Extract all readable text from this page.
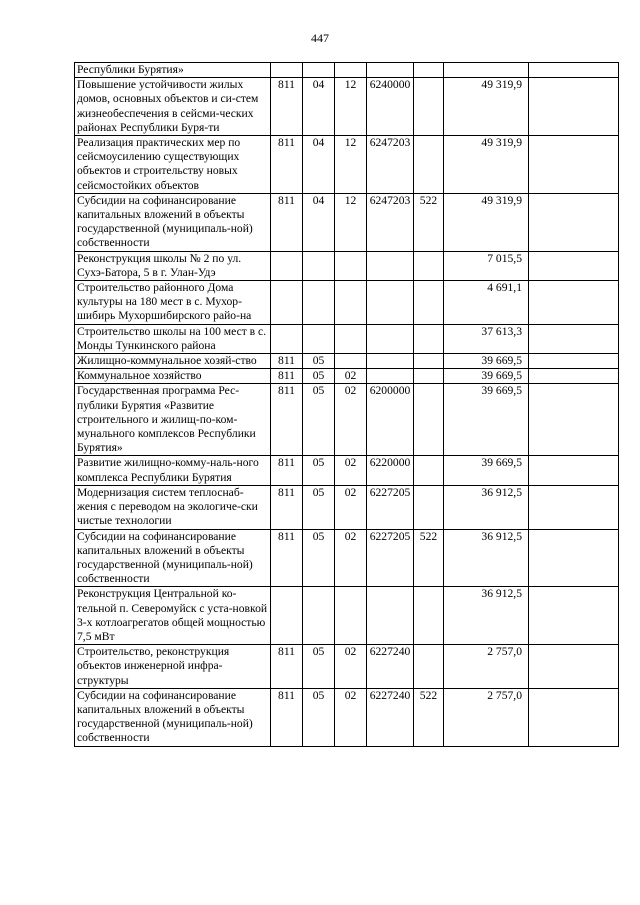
447
Республики Бурятия»							
Повышение устойчивости жилых домов, основных объектов и си-стем жизнеобеспечения в сейсми-ческих районах Республики Буря-ти	811	04	12	6240000		49 319,9	
Реализация практических мер по сейсмоусилению существующих объектов и строительству новых сейсмостойких объектов	811	04	12	6247203		49 319,9	
Субсидии на софинансирование капитальных вложений в объекты государственной (муниципаль-ной) собственности	811	04	12	6247203	522	49 319,9	
Реконструкция школы № 2 по ул. Сухэ-Батора, 5 в г. Улан-Удэ						7 015,5	
Строительство районного Дома культуры на 180 мест в с. Мухор-шибирь Мухоршибирского райо-на						4 691,1	
Строительство школы на 100 мест в с. Монды Тункинского района						37 613,3	
Жилищно-коммунальное хозяй-ство	811	05				39 669,5	
Коммунальное хозяйство	811	05	02			39 669,5	
Государственная программа Рес-публики Бурятия «Развитие строительного и жилищ-по-ком-мунального комплексов Республики Бурятия»	811	05	02	6200000		39 669,5	
Развитие жилищно-комму-наль-ного комплекса Республики Бурятия	811	05	02	6220000		39 669,5	
Модернизация систем теплоснаб-жения с переводом на экологиче-ски чистые технологии	811	05	02	6227205		36 912,5	
Субсидии на софинансирование капитальных вложений в объекты государственной (муниципаль-ной) собственности	811	05	02	6227205	522	36 912,5	
Реконструкция Центральной ко-тельной п. Северомуйск с уста-новкой 3-х котлоагрегатов общей мощностью 7,5 мВт						36 912,5	
Строительство, реконструкция объектов инженерной инфра-структуры	811	05	02	6227240		2 757,0	
Субсидии на софинансирование капитальных вложений в объекты государственной (муниципаль-ной) собственности	811	05	02	6227240	522	2 757,0	
